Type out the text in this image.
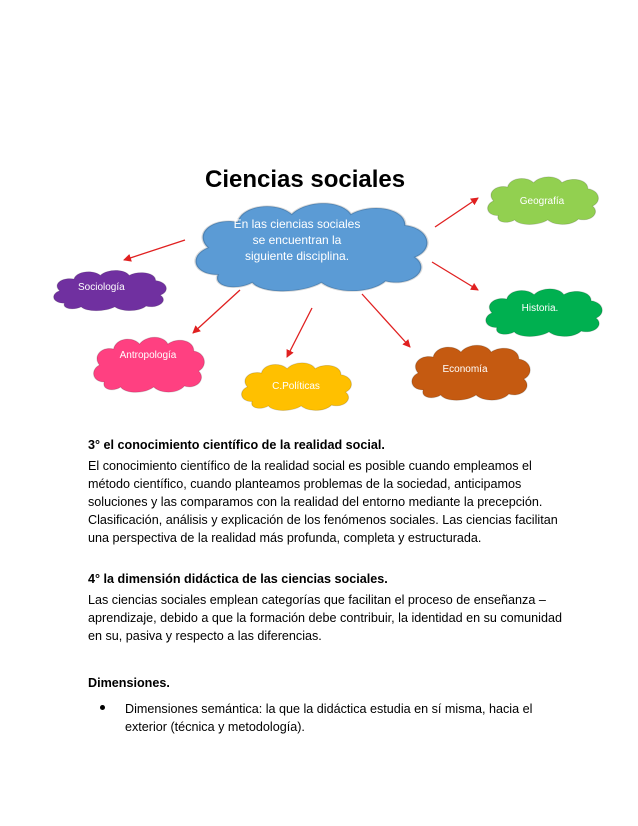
En las ciencias sociales
se encuentran la
siguiente disciplina.
Geografía
Sociología
Historia.
Antropología
C.Políticas
Economía
Ciencias sociales
3° el conocimiento científico de la realidad social.

El conocimiento científico de la realidad social es posible cuando empleamos el método científico, cuando planteamos problemas de la sociedad, anticipamos soluciones y las comparamos con la realidad del entorno mediante la precepción. Clasificación, análisis y explicación de los fenómenos sociales. Las ciencias facilitan una perspectiva de la realidad más profunda, completa y estructurada.

4° la dimensión didáctica de las ciencias sociales.

Las ciencias sociales emplean categorías que facilitan el proceso de enseñanza – aprendizaje, debido a que la formación debe contribuir, la identidad en su comunidad en su, pasiva y respecto a las diferencias.

Dimensiones.
Dimensiones semántica: la que la didáctica estudia en sí misma, hacia el exterior (técnica y metodología).
